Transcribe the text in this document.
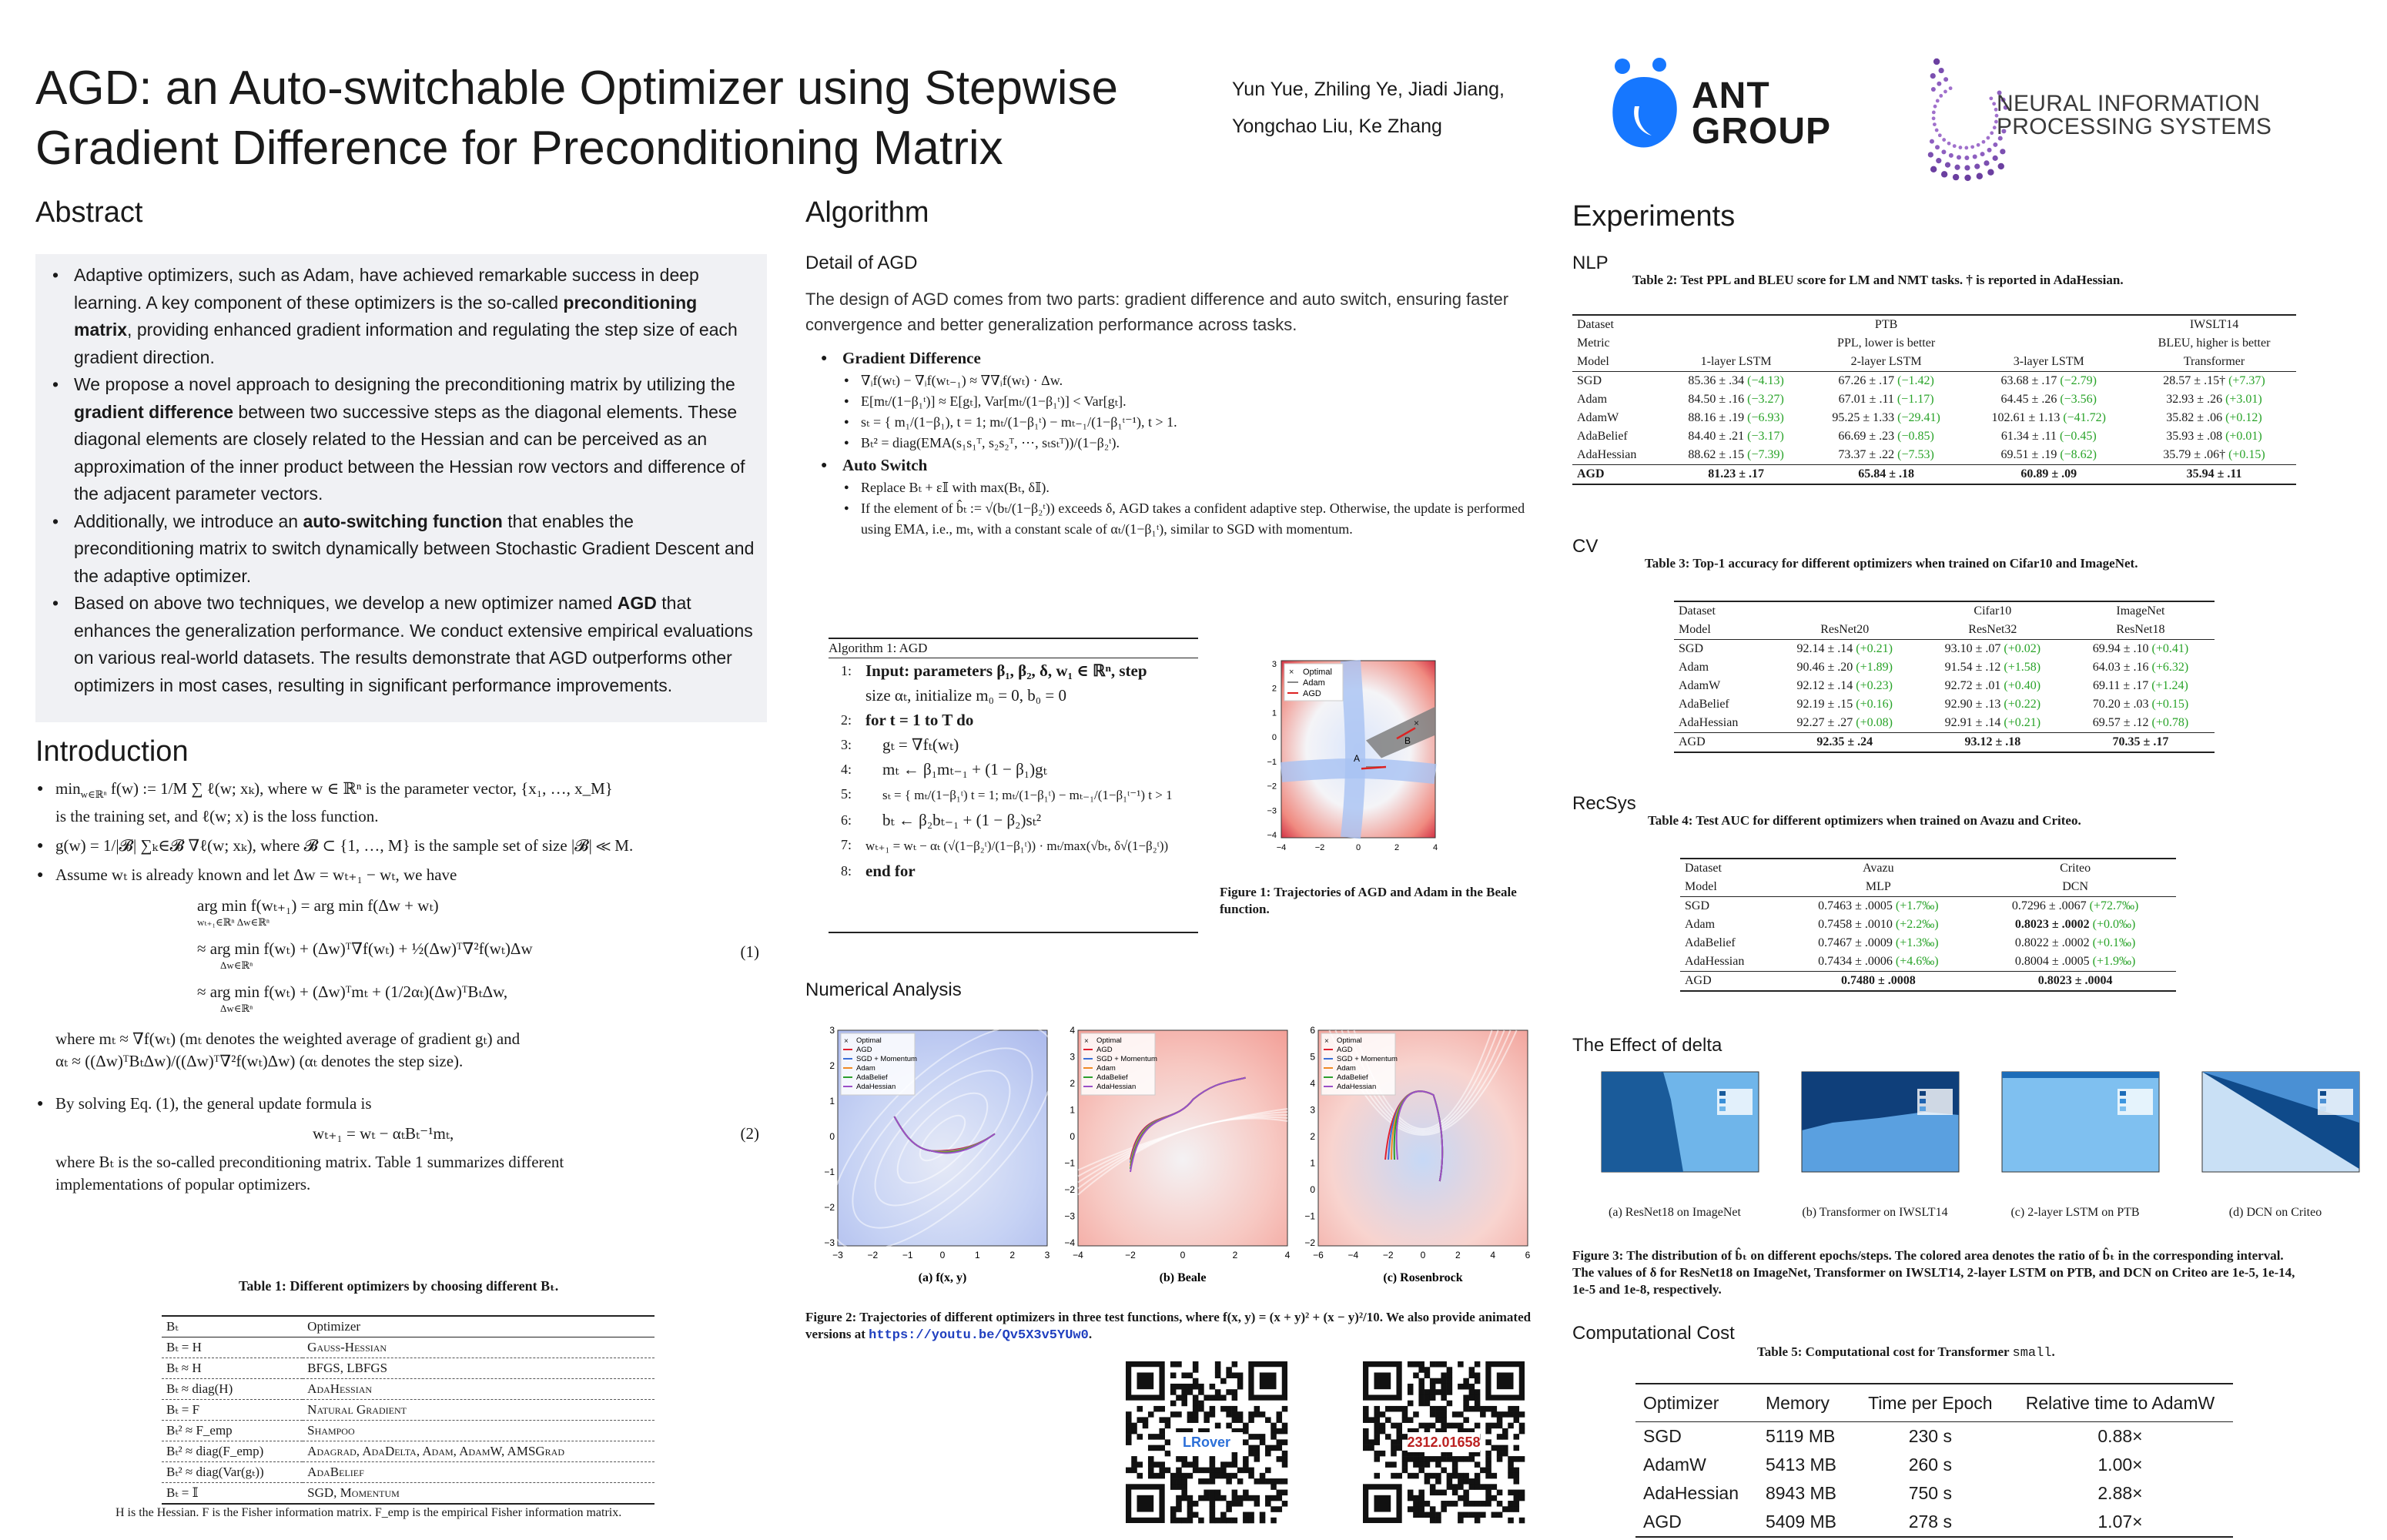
AGD: an Auto-switchable Optimizer using Stepwise
Gradient Difference for Preconditioning Matrix
Yun Yue, Zhiling Ye, Jiadi Jiang,
Yongchao Liu, Ke Zhang
ANT
GROUP
NEURAL INFORMATION
PROCESSING SYSTEMS
Abstract
• Adaptive optimizers, such as Adam, have achieved remarkable success in deep learning. A key component of these optimizers is the so-called preconditioning matrix, providing enhanced gradient information and regulating the step size of each gradient direction.
• We propose a novel approach to designing the preconditioning matrix by utilizing the gradient difference between two successive steps as the diagonal elements. These diagonal elements are closely related to the Hessian and can be perceived as an approximation of the inner product between the Hessian row vectors and difference of the adjacent parameter vectors.
• Additionally, we introduce an auto-switching function that enables the preconditioning matrix to switch dynamically between Stochastic Gradient Descent and the adaptive optimizer.
• Based on above two techniques, we develop a new optimizer named AGD that enhances the generalization performance. We conduct extensive empirical evaluations on various real-world datasets. The results demonstrate that AGD outperforms other optimizers in most cases, resulting in significant performance improvements.
Introduction
● $\min_{w\in ℝ^n} f(w)$ := 1/M ∑ ℓ(w; xₖ), where w ∈ ℝⁿ is the parameter vector, {x₁, …, x_M}
is the training set, and ℓ(w; x) is the loss function.
● g(w) = 1/|𝓑| ∑ₖ∈𝓑 ∇ℓ(w; xₖ), where 𝓑 ⊂ {1, …, M} is the sample set of size |𝓑| ≪ M.
● Assume wₜ is already known and let Δw = wₜ₊₁ − wₜ, we have
arg min f(wₜ₊₁) = arg min f(Δw + wₜ)
wₜ₊₁∈ℝⁿ Δw∈ℝⁿ
≈ arg min f(wₜ) + (Δw)ᵀ∇f(wₜ) + ½(Δw)ᵀ∇²f(wₜ)Δw
Δw∈ℝⁿ
≈ arg min f(wₜ) + (Δw)ᵀmₜ + (1/2αₜ)(Δw)ᵀBₜΔw,
Δw∈ℝⁿ
(1)
where mₜ ≈ ∇f(wₜ) (mₜ denotes the weighted average of gradient gₜ) and
αₜ ≈ ((Δw)ᵀBₜΔw)/((Δw)ᵀ∇²f(wₜ)Δw) (αₜ denotes the step size).
● By solving Eq. (1), the general update formula is
wₜ₊₁ = wₜ − αₜBₜ⁻¹mₜ,	(2)
where Bₜ is the so-called preconditioning matrix. Table 1 summarizes different
implementations of popular optimizers.
Table 1: Different optimizers by choosing different Bₜ.
Bₜ	Optimizer
Bₜ = H	Gauss-Hessian
Bₜ ≈ H	BFGS, LBFGS
Bₜ ≈ diag(H)	AdaHessian
Bₜ = F	Natural Gradient
Bₜ² ≈ F_emp	Shampoo
Bₜ² ≈ diag(F_emp)	Adagrad, AdaDelta, Adam, AdamW, AMSGrad
Bₜ² ≈ diag(Var(gₜ))	AdaBelief
Bₜ = 𝕀	SGD, Momentum
H is the Hessian. F is the Fisher information matrix. F_emp is the empirical Fisher information matrix.
Algorithm
Detail of AGD
The design of AGD comes from two parts: gradient difference and auto switch, ensuring faster convergence and better generalization performance across tasks.
● Gradient Difference
● ∇ᵢf(wₜ) − ∇ᵢf(wₜ₋₁) ≈ ∇∇ᵢf(wₜ) · Δw.
● E[mₜ/(1−β₁ᵗ)] ≈ E[gₜ], Var[mₜ/(1−β₁ᵗ)] < Var[gₜ].
● sₜ = { m₁/(1−β₁), t = 1; mₜ/(1−β₁ᵗ) − mₜ₋₁/(1−β₁ᵗ⁻¹), t > 1.
● Bₜ² = diag(EMA(s₁s₁ᵀ, s₂s₂ᵀ, ⋯, sₜsₜᵀ))/(1−β₂ᵗ).
● Auto Switch
● Replace Bₜ + ε𝕀 with max(Bₜ, δ𝕀).
● If the element of b̂ₜ := √(bₜ/(1−β₂ᵗ)) exceeds δ, AGD takes a confident adaptive step. Otherwise, the update is performed using EMA, i.e., mₜ, with a constant scale of αₜ/(1−β₁ᵗ), similar to SGD with momentum.
Algorithm 1: AGD
1: Input: parameters β₁, β₂, δ, w₁ ∈ ℝⁿ, step
size αₜ, initialize m₀ = 0, b₀ = 0
2: for t = 1 to T do
3: gₜ = ∇fₜ(wₜ)
4: mₜ ← β₁mₜ₋₁ + (1 − β₁)gₜ
5: sₜ = { mₜ/(1−β₁ᵗ) t = 1; mₜ/(1−β₁ᵗ) − mₜ₋₁/(1−β₁ᵗ⁻¹) t > 1
6: bₜ ← β₂bₜ₋₁ + (1 − β₂)sₜ²
7: wₜ₊₁ = wₜ − αₜ (√(1−β₂ᵗ)/(1−β₁ᵗ)) · mₜ/max(√bₜ, δ√(1−β₂ᵗ))
8: end for
A
B
×
× Optimal
Adam
AGD
−4	−2	0	2	4
3
2
1
0
−1
−2
−3
−4
Figure 1: Trajectories of AGD and Adam in the Beale function.
Numerical Analysis
× Optimal
AGD
SGD + Momentum
Adam
AdaBelief
AdaHessian
−3	−2	−1	0	1	2	3
3
2
1
0
−1
−2
−3
(a) f(x, y)
× Optimal
AGD
SGD + Momentum
Adam
AdaBelief
AdaHessian
−4	−2	0	2	4
4
3
2
1
0
−1
−2
−3
−4
(b) Beale
× Optimal
AGD
SGD + Momentum
Adam
AdaBelief
AdaHessian
−6	−4	−2	0	2	4	6
6
5
4
3
2
1
0
−1
−2
(c) Rosenbrock
Figure 2: Trajectories of different optimizers in three test functions, where f(x, y) = (x + y)² + (x − y)²/10. We also provide animated versions at https://youtu.be/Qv5X3v5YUw0.
LRover	2312.01658
Experiments
NLP
Table 2: Test PPL and BLEU score for LM and NMT tasks. † is reported in AdaHessian.
Dataset		PTB		IWSLT14
Metric		PPL, lower is better		BLEU, higher is better
Model	1-layer LSTM	2-layer LSTM	3-layer LSTM	Transformer
SGD	85.36 ± .34 (−4.13)	67.26 ± .17 (−1.42)	63.68 ± .17 (−2.79)	28.57 ± .15† (+7.37)
Adam	84.50 ± .16 (−3.27)	67.01 ± .11 (−1.17)	64.45 ± .26 (−3.56)	32.93 ± .26 (+3.01)
AdamW	88.16 ± .19 (−6.93)	95.25 ± 1.33 (−29.41)	102.61 ± 1.13 (−41.72)	35.82 ± .06 (+0.12)
AdaBelief	84.40 ± .21 (−3.17)	66.69 ± .23 (−0.85)	61.34 ± .11 (−0.45)	35.93 ± .08 (+0.01)
AdaHessian	88.62 ± .15 (−7.39)	73.37 ± .22 (−7.53)	69.51 ± .19 (−8.62)	35.79 ± .06† (+0.15)
AGD	81.23 ± .17	65.84 ± .18	60.89 ± .09	35.94 ± .11
CV
Table 3: Top-1 accuracy for different optimizers when trained on Cifar10 and ImageNet.
Dataset		Cifar10	ImageNet
Model	ResNet20	ResNet32	ResNet18
SGD	92.14 ± .14 (+0.21)	93.10 ± .07 (+0.02)	69.94 ± .10 (+0.41)
Adam	90.46 ± .20 (+1.89)	91.54 ± .12 (+1.58)	64.03 ± .16 (+6.32)
AdamW	92.12 ± .14 (+0.23)	92.72 ± .01 (+0.40)	69.11 ± .17 (+1.24)
AdaBelief	92.19 ± .15 (+0.16)	92.90 ± .13 (+0.22)	70.20 ± .03 (+0.15)
AdaHessian	92.27 ± .27 (+0.08)	92.91 ± .14 (+0.21)	69.57 ± .12 (+0.78)
AGD	92.35 ± .24	93.12 ± .18	70.35 ± .17
RecSys
Table 4: Test AUC for different optimizers when trained on Avazu and Criteo.
Dataset	Avazu	Criteo
Model	MLP	DCN
SGD	0.7463 ± .0005 (+1.7‰)	0.7296 ± .0067 (+72.7‰)
Adam	0.7458 ± .0010 (+2.2‰)	0.8023 ± .0002 (+0.0‰)
AdaBelief	0.7467 ± .0009 (+1.3‰)	0.8022 ± .0002 (+0.1‰)
AdaHessian	0.7434 ± .0006 (+4.6‰)	0.8004 ± .0005 (+1.9‰)
AGD	0.7480 ± .0008	0.8023 ± .0004
The Effect of delta
(a) ResNet18 on ImageNet	(b) Transformer on IWSLT14	(c) 2-layer LSTM on PTB	(d) DCN on Criteo
Figure 3: The distribution of b̂ₜ on different epochs/steps. The colored area denotes the ratio of b̂ₜ in the corresponding interval. The values of δ for ResNet18 on ImageNet, Transformer on IWSLT14, 2-layer LSTM on PTB, and DCN on Criteo are 1e-5, 1e-14, 1e-5 and 1e-8, respectively.
Computational Cost
Table 5: Computational cost for Transformer small.
Optimizer	Memory	Time per Epoch	Relative time to AdamW
SGD	5119 MB	230 s	0.88×
AdamW	5413 MB	260 s	1.00×
AdaHessian	8943 MB	750 s	2.88×
AGD	5409 MB	278 s	1.07×
